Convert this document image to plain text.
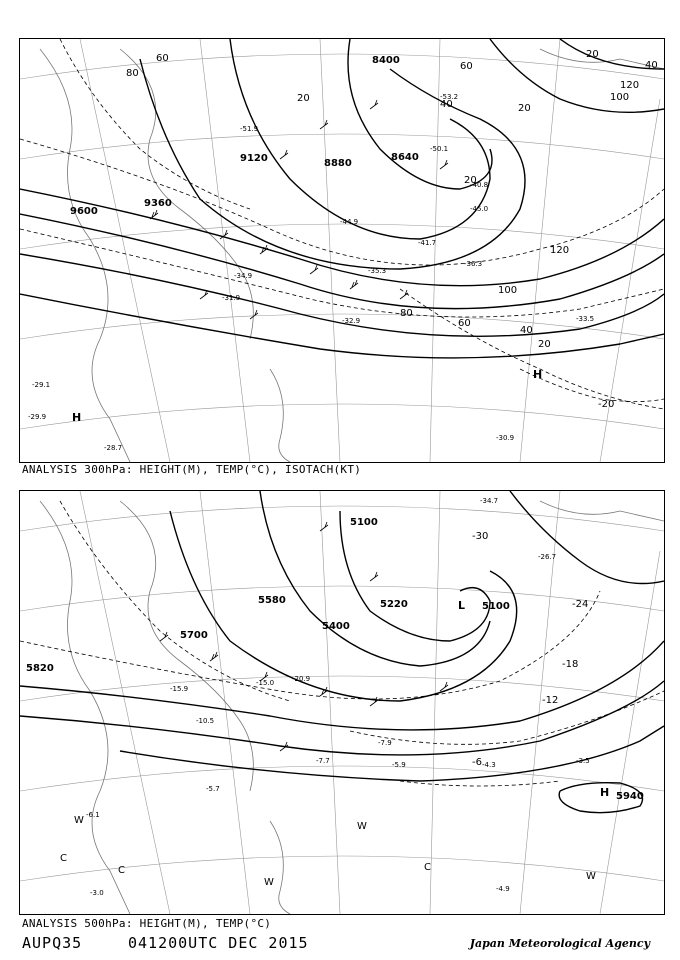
8400
9120	8880
8640
9360
9600
80
60
20
40
120
100
20
60	40
20
120
100
60
40
20
80
20
-53.2
-50.1
-51.9
-45.0
-44.9
-41.7
-36.3
-35.3
-34.9
-31.9
-29.1
-29.9
-28.7
-30.9
-33.5
-32.9
-40.8
H
H
-20
ANALYSIS 300hPa: HEIGHT(M), TEMP(°C), ISOTACH(KT)
5100
5220	5100
5400
5580
5700
5820
5940
-30
-24
-18
-12
-6
-26.7
-34.7
-20.9
-15.9
-10.5
-7.9
-5.9	-4.3	-3.5
-4.9
-3.0
-5.7
-6.1
-15.0
-7.7
L
H
W
C
W
C
W
C
W
ANALYSIS 500hPa: HEIGHT(M), TEMP(°C)
AUPQ35	041200UTC DEC 2015	Japan Meteorological Agency
